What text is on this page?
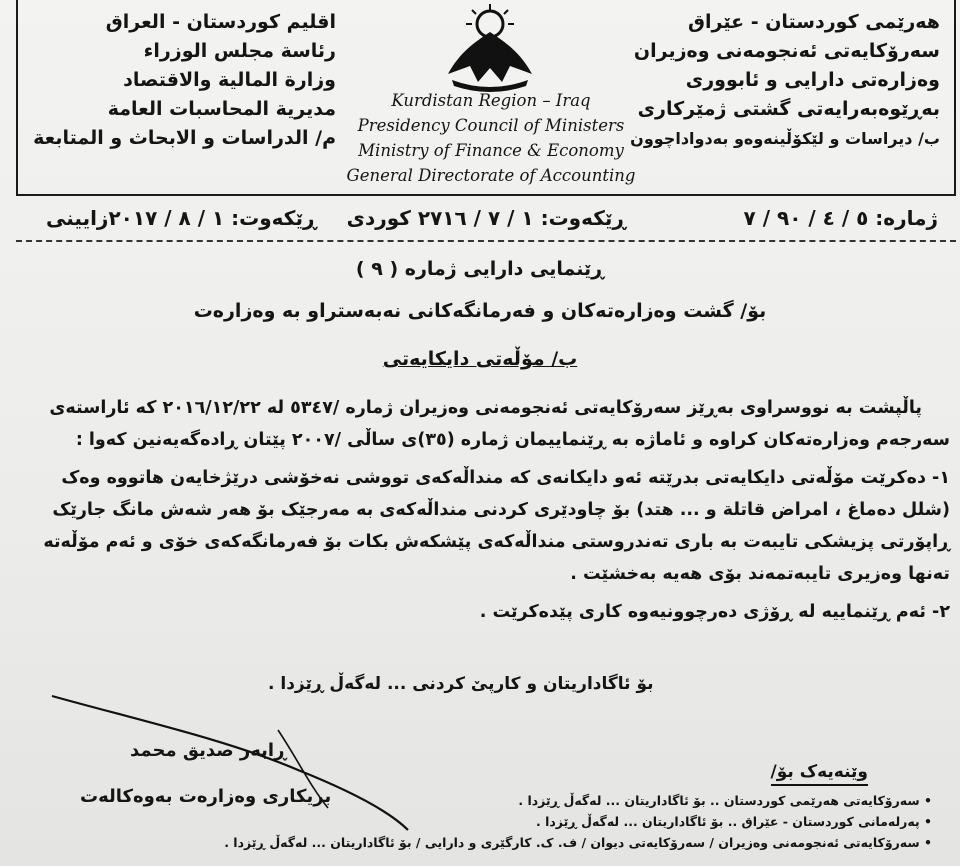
هەرێمی کوردستان - عێراق
سەرۆکایەتی ئەنجومەنی وەزیران
وەزارەتی دارایی و ئابووری
بەڕێوەبەرایەتی گشتی ژمێرکاری
ب/ دیراسات و لێکۆڵینەوەو بەدواداچوون
Kurdistan Region – Iraq
Presidency Council of Ministers
Ministry of Finance & Economy
General Directorate of Accounting
اقليم كوردستان - العراق
رئاسة مجلس الوزراء
وزارة المالية والاقتصاد
مديرية المحاسبات العامة
م/ الدراسات و الابحاث و المتابعة
ژمارە: ٥ / ٤ / ٩٠ / ٧
ڕێکەوت: ١ / ٧ / ٢٧١٦ کوردی
ڕێکەوت: ١ / ٨ / ٢٠١٧زایینی
ڕێنمایی دارایی ژمارە ( ٩ )
بۆ/ گشت وەزارەتەکان و فەرمانگەکانی نەبەستراو بە وەزارەت
ب/ مۆڵەتی دایکایەتی
پاڵپشت بە نووسراوی بەڕێز سەرۆکایەتی ئەنجومەنی وەزیران ژمارە /٥٣٤٧ لە ٢٠١٦/١٢/٢٢ کە ئاراستەی
سەرجەم وەزارەتەکان کراوە و ئاماژە بە ڕێنماییمان ژمارە (٣٥)ی ساڵی /٢٠٠٧ پێتان ڕادەگەیەنین کەوا :
١- دەکرێت مۆڵەتی دایکایەتی بدرێتە ئەو دایکانەی کە منداڵەکەی تووشی نەخۆشی درێژخایەن هاتووە وەک
(شلل دەماغ ، امراض قاتلة و ... هتد) بۆ چاودێری کردنی منداڵەکەی بە مەرجێک بۆ هەر شەش مانگ جارێک
ڕاپۆرتی پزیشکی تایبەت بە باری تەندروستی منداڵەکەی پێشکەش بکات بۆ فەرمانگەکەی خۆی و ئەم مۆڵەتە
تەنها وەزیری تایبەتمەند بۆی هەیە بەخشێت .
٢- ئەم ڕێنماییە لە ڕۆژی دەرچوونیەوە کاری پێدەکرێت .
بۆ ئاگاداریتان و کارپێ کردنی ... لەگەڵ ڕێزدا .
ڕابەر صدیق محمد
بریکاری وەزارەت بەوەکالەت
وێنەیەک بۆ/
• سەرۆکایەتی هەرێمی کوردستان .. بۆ ئاگاداریتان ... لەگەڵ ڕێزدا .
• پەرلەمانی کوردستان - عێراق .. بۆ ئاگاداریتان ... لەگەڵ ڕێزدا .
• سەرۆکایەتی ئەنجومەنی وەزیران / سەرۆکایەتی دیوان / ف. ک. کارگێری و دارایی / بۆ ئاگاداریتان ... لەگەڵ ڕێزدا .
